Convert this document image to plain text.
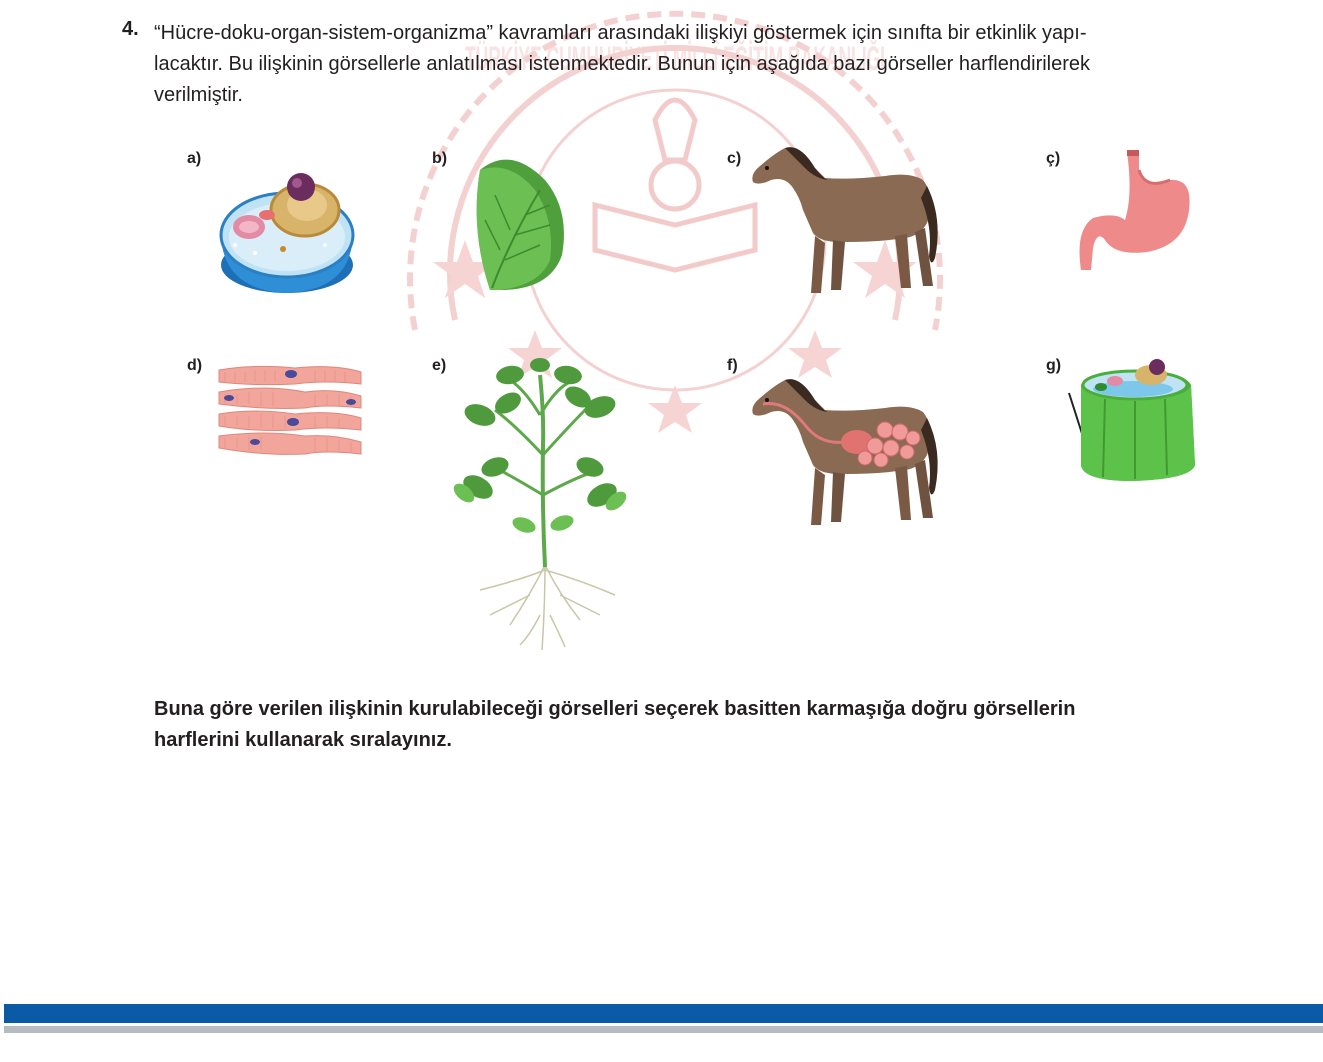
TÜRKİYE CUMHURİYETİ MİLLÎ EĞİTİM BAKANLIĞI
4. “Hücre-doku-organ-sistem-organizma” kavramları arasındaki ilişkiyi göstermek için sınıfta bir etkinlik yapı-
lacaktır. Bu ilişkinin görsellerle anlatılması istenmektedir. Bunun için aşağıda bazı görseller harflendirilerek
verilmiştir.

a)	b)	c)	ç)
d)	e)	f)	g)

Buna göre verilen ilişkinin kurulabileceği görselleri seçerek basitten karmaşığa doğru görsellerin
harflerini kullanarak sıralayınız.
